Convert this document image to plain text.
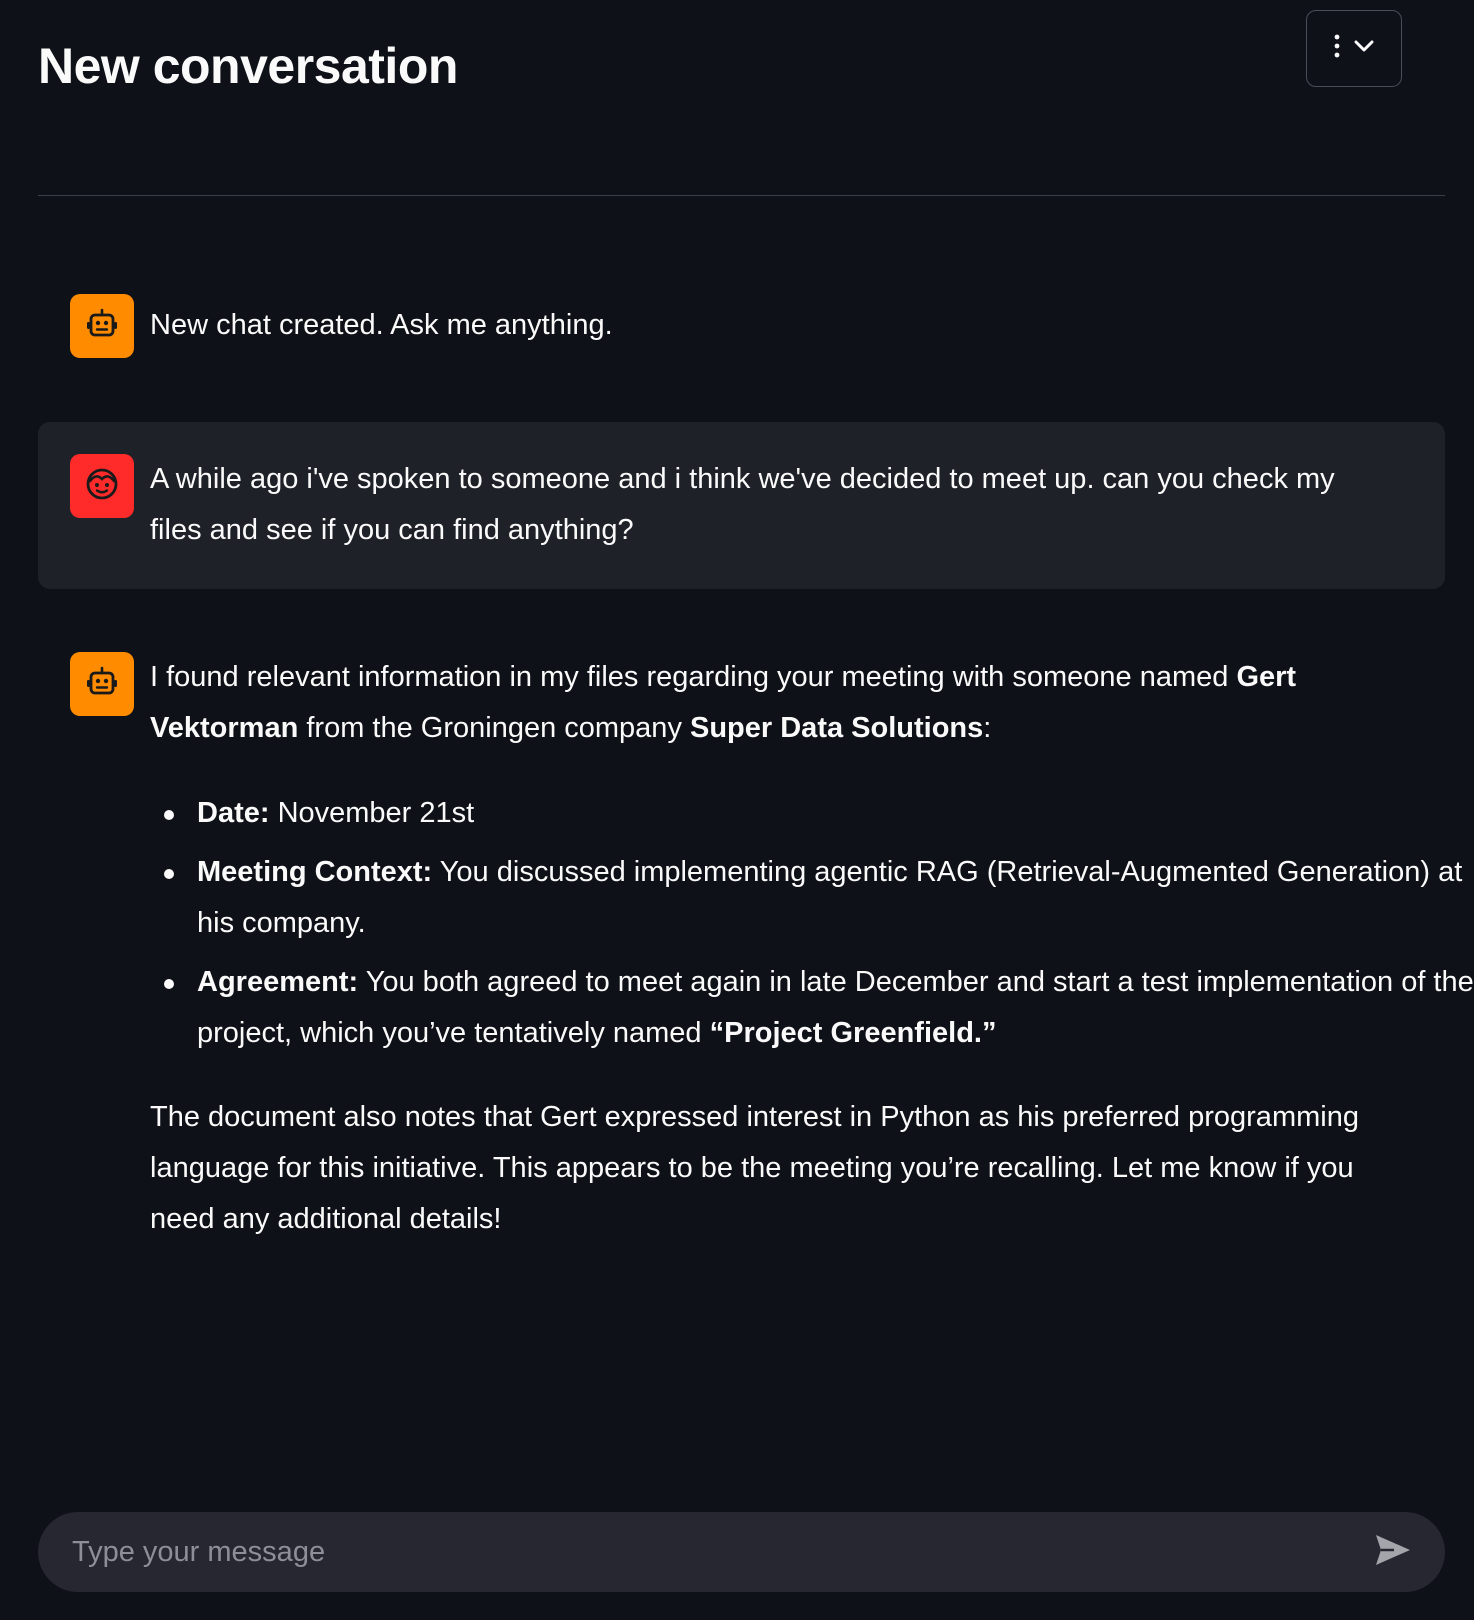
New conversation
New chat created. Ask me anything.
A while ago i've spoken to someone and i think we've decided to meet up. can you check my
files and see if you can find anything?
I found relevant information in my files regarding your meeting with someone named Gert
Vektorman from the Groningen company Super Data Solutions:
Date: November 21st
Meeting Context: You discussed implementing agentic RAG (Retrieval-Augmented Generation) at his company.
Agreement: You both agreed to meet again in late December and start a test implementation of the project, which you’ve tentatively named “Project Greenfield.”
The document also notes that Gert expressed interest in Python as his preferred programming language for this initiative. This appears to be the meeting you’re recalling. Let me know if you need any additional details!
Type your message
